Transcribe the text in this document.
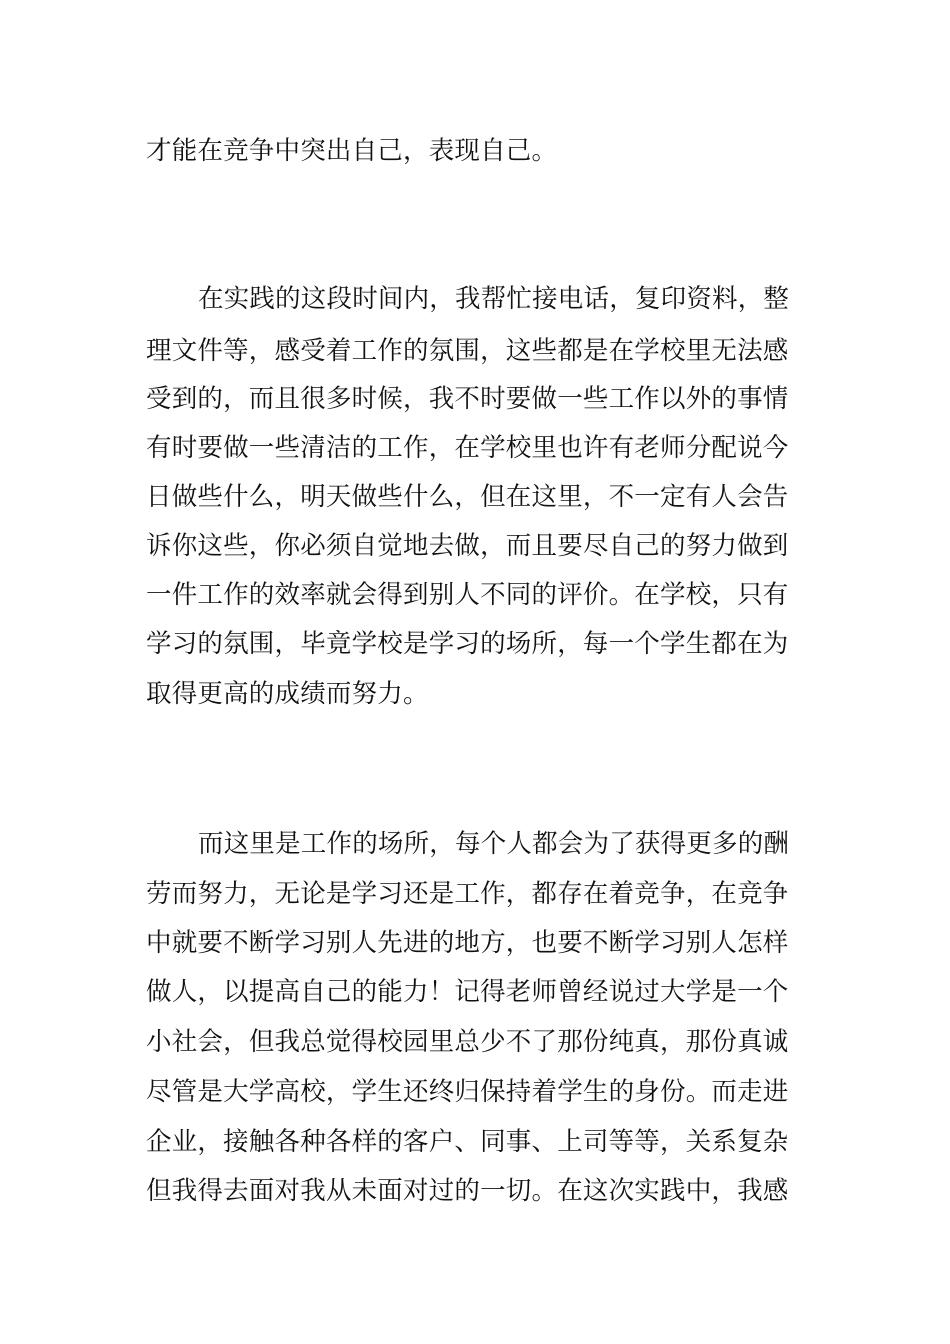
才能在竞争中突出自己，表现自己。
在实践的这段时间内，我帮忙接电话，复印资料，整
理文件等，感受着工作的氛围，这些都是在学校里无法感
受到的，而且很多时候，我不时要做一些工作以外的事情
有时要做一些清洁的工作，在学校里也许有老师分配说今
日做些什么，明天做些什么，但在这里，不一定有人会告
诉你这些，你必须自觉地去做，而且要尽自己的努力做到
一件工作的效率就会得到别人不同的评价。在学校，只有
学习的氛围，毕竟学校是学习的场所，每一个学生都在为
取得更高的成绩而努力。
而这里是工作的场所，每个人都会为了获得更多的酬
劳而努力，无论是学习还是工作，都存在着竞争，在竞争
中就要不断学习别人先进的地方，也要不断学习别人怎样
做人，以提高自己的能力！记得老师曾经说过大学是一个
小社会，但我总觉得校园里总少不了那份纯真，那份真诚
尽管是大学高校，学生还终归保持着学生的身份。而走进
企业，接触各种各样的客户、同事、上司等等，关系复杂
但我得去面对我从未面对过的一切。在这次实践中，我感
